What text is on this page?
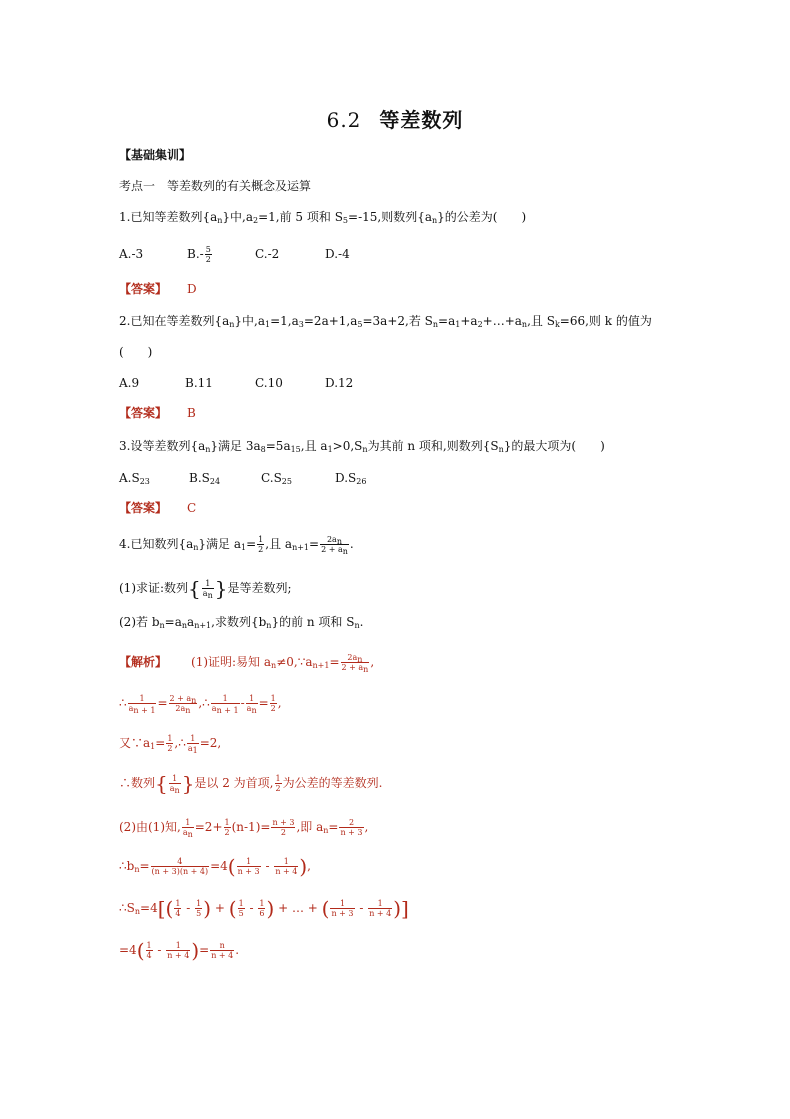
6.2 等差数列
【基础集训】
考点一　等差数列的有关概念及运算
1.已知等差数列$\{a_n\}$中$,a_2=1$,前 5 项和 $S_5=-15$,则数列$\{a_n\}$的公差为(　　)
A.-3	$B.- \frac{5}{2}$	C.-2	D.-4
【答案】 D
2.已知在等差数列$\{a_n\}$中$,a_1=1,a_3=2a+1,a_5=3a+2$,若 $S_n=a_1+a_2+\dots+a_n$,且 $S_k=66$,则 k 的值为
(　　)
A.9	B.11	C.10	D.12
【答案】 B
3.设等差数列$\{a_n\}$满足 $3a_8=5a_{15}$,且 $a_1>0,S_n$为其前 n 项和,则数列$\{S_n\}$的最大项为(　　)
$A.S_{23}$	$B.S_{24}$	$C.S_{25}$	$D.S_{26}$
【答案】 C
4.已知数列$\{a_n\}$满足 $a_1= \frac{1}{2}$ ,且 $a_{n+1}= \frac{2a_n}{2 + a_n}$ .
(1)求证:数列{ $\frac{1}{a_n}$ }是等差数列;
(2)若 $b_n=a_na_{n+1}$,求数列$\{b_n\}$的前 n 项和 $S_n$.
【解析】 (1)证明:易知 $a_n\ne 0,\because a_{n+1}= \frac{2a_n}{2 + a_n}$ ,
∴ $\frac{1}{a_{n + 1}} = \frac{2 + a_n}{2a_n}$ ,∴ $\frac{1}{a_{n + 1}} - \frac{1}{a_n} = \frac{1}{2}$ ,
又$\because a_1= \frac{1}{2}$ ,∴ $\frac{1}{a_1} =2$,
∴数列{ $\frac{1}{a_n}$ }是以 2 为首项, $\frac{1}{2}$ 为公差的等差数列.
(2)由(1)知, $\frac{1}{a_n} =2+ \frac{1}{2} (n-1)= \frac{n + 3}{2}$ ,即 $a_n= \frac{2}{n + 3}$ ,
$\therefore b_n= \frac{4}{(n + 3)(n + 4)} =4( \frac{1}{n + 3} - \frac{1}{n + 4}$ ),
$\therefore S_n=4[( \frac{1}{4} - \frac{1}{5}$ ) + ( $\frac{1}{5} - \frac{1}{6}$ ) + … + ( $\frac{1}{n + 3} - \frac{1}{n + 4}$ )]
$=4( \frac{1}{4} - \frac{1}{n + 4}$ )= $\frac{n}{n + 4}$ .
